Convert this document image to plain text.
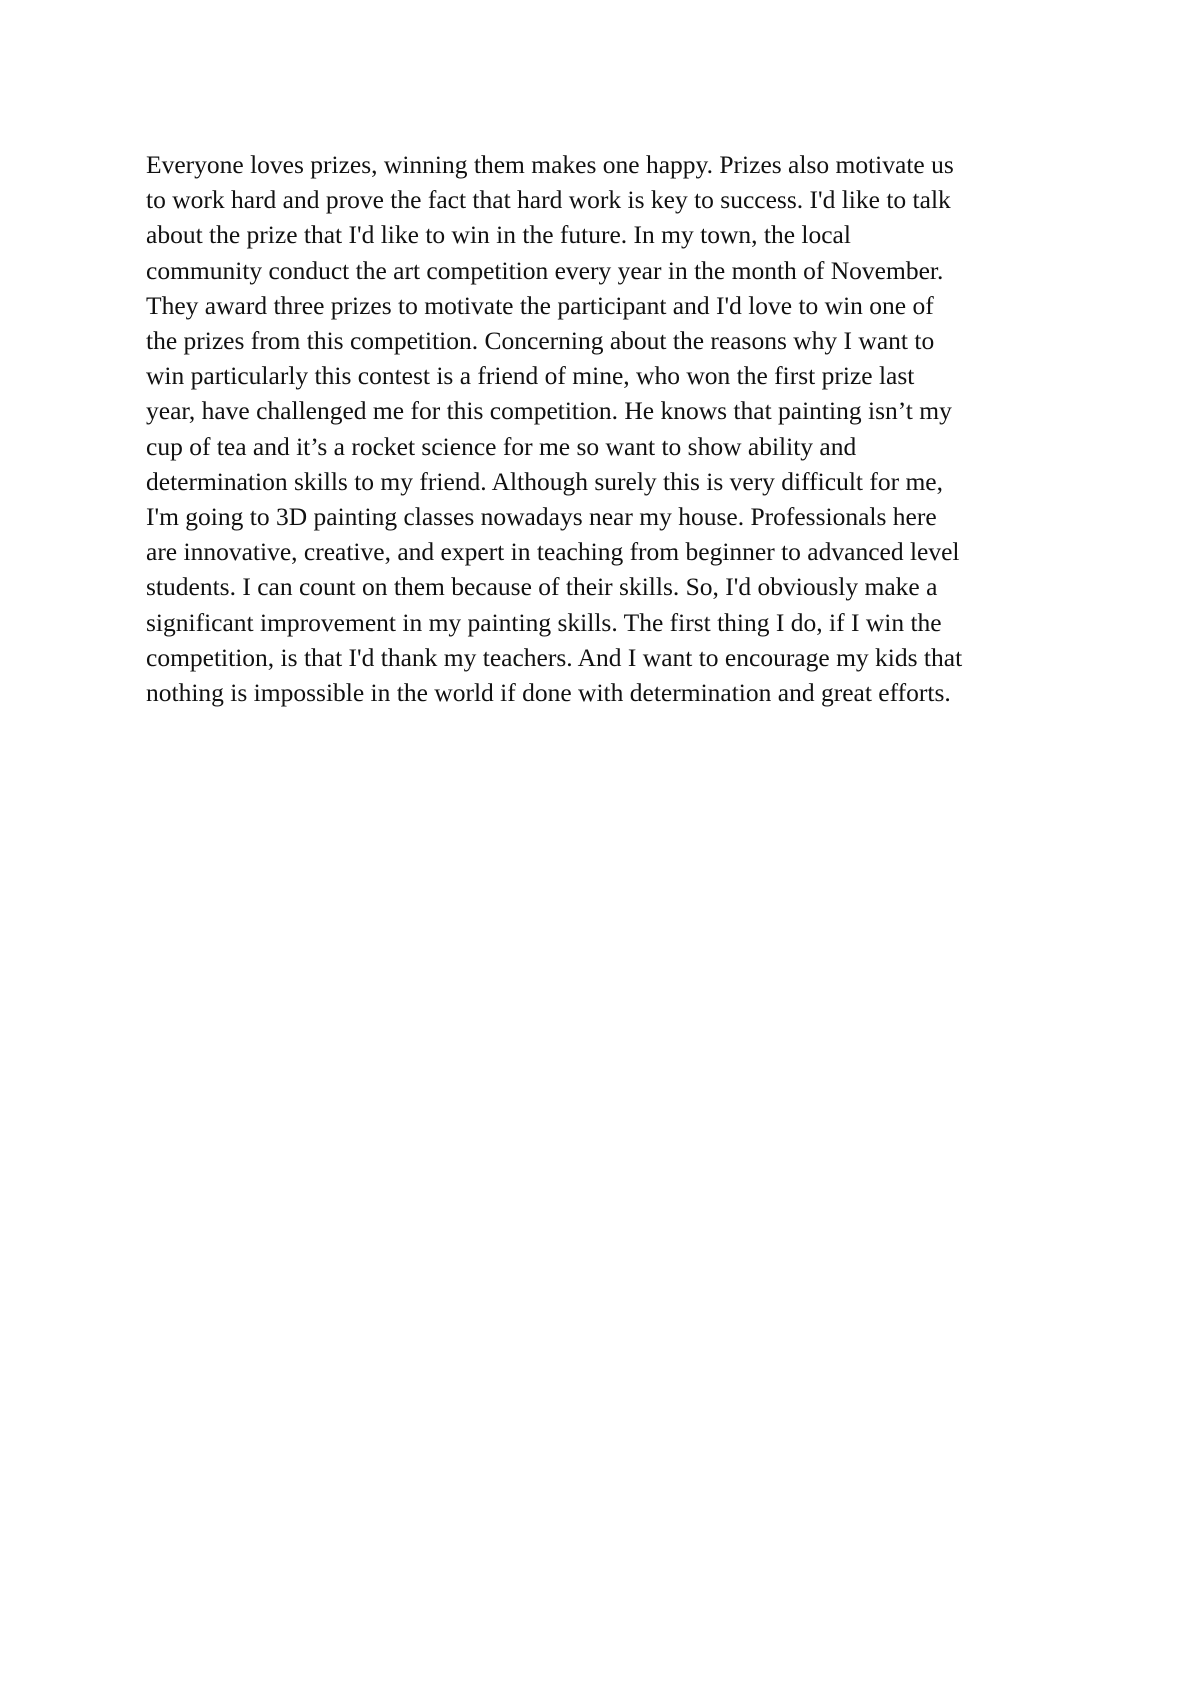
Everyone loves prizes, winning them makes one happy. Prizes also motivate us
to work hard and prove the fact that hard work is key to success. I'd like to talk
about the prize that I'd like to win in the future. In my town, the local
community conduct the art competition every year in the month of November.
They award three prizes to motivate the participant and I'd love to win one of
the prizes from this competition. Concerning about the reasons why I want to
win particularly this contest is a friend of mine, who won the first prize last
year, have challenged me for this competition. He knows that painting isn’t my
cup of tea and it’s a rocket science for me so want to show ability and
determination skills to my friend. Although surely this is very difficult for me,
I'm going to 3D painting classes nowadays near my house. Professionals here
are innovative, creative, and expert in teaching from beginner to advanced level
students. I can count on them because of their skills. So, I'd obviously make a
significant improvement in my painting skills. The first thing I do, if I win the
competition, is that I'd thank my teachers. And I want to encourage my kids that
nothing is impossible in the world if done with determination and great efforts.
